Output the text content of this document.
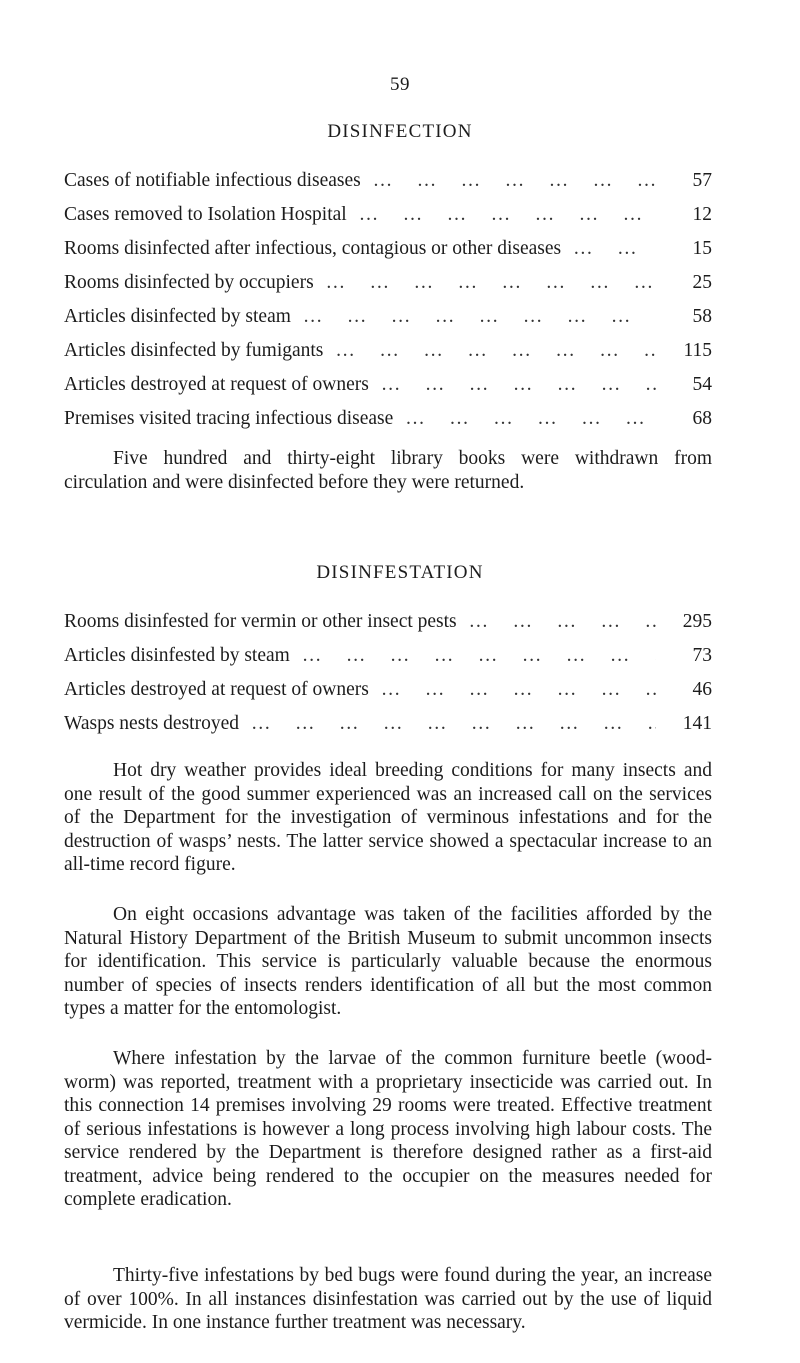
59
DISINFECTION
Cases of notifiable infectious diseases … … … … … … … … … … … … … …	57
Cases removed to Isolation Hospital … … … … … … … … … … … … … …	12
Rooms disinfected after infectious, contagious or other diseases … … … … … … … … … … … … … …	15
Rooms disinfected by occupiers … … … … … … … … … … … … … …	25
Articles disinfected by steam … … … … … … … … … … … … … …	58
Articles disinfected by fumigants … … … … … … … … … … … … … …	115
Articles destroyed at request of owners … … … … … … … … … … … … … …	54
Premises visited tracing infectious disease … … … … … … … … … … … … … …	68

Five hundred and thirty-eight library books were withdrawn from circulation and were disinfected before they were returned.

DISINFESTATION
Rooms disinfested for vermin or other insect pests … … … … … … … … … … … … … …	295
Articles disinfested by steam … … … … … … … … … … … … … …	73
Articles destroyed at request of owners … … … … … … … … … … … … … …	46
Wasps nests destroyed … … … … … … … … … … … … … …	141

Hot dry weather provides ideal breeding conditions for many insects and one result of the good summer experienced was an increased call on the services of the Department for the investigation of verminous infestations and for the destruction of wasps’ nests. The latter service showed a spectacular increase to an all-time record figure.

On eight occasions advantage was taken of the facilities afforded by the Natural History Department of the British Museum to submit uncommon insects for identification. This service is particularly valuable because the enormous number of species of insects renders identification of all but the most common types a matter for the entomologist.

Where infestation by the larvae of the common furniture beetle (wood-worm) was reported, treatment with a proprietary insecticide was carried out. In this connection 14 premises involving 29 rooms were treated. Effective treatment of serious infestations is however a long process involving high labour costs. The service rendered by the Department is therefore designed rather as a first-aid treatment, advice being rendered to the occupier on the measures needed for complete eradication.

Thirty-five infestations by bed bugs were found during the year, an increase of over 100%. In all instances disinfestation was carried out by the use of liquid vermicide. In one instance further treatment was necessary.
